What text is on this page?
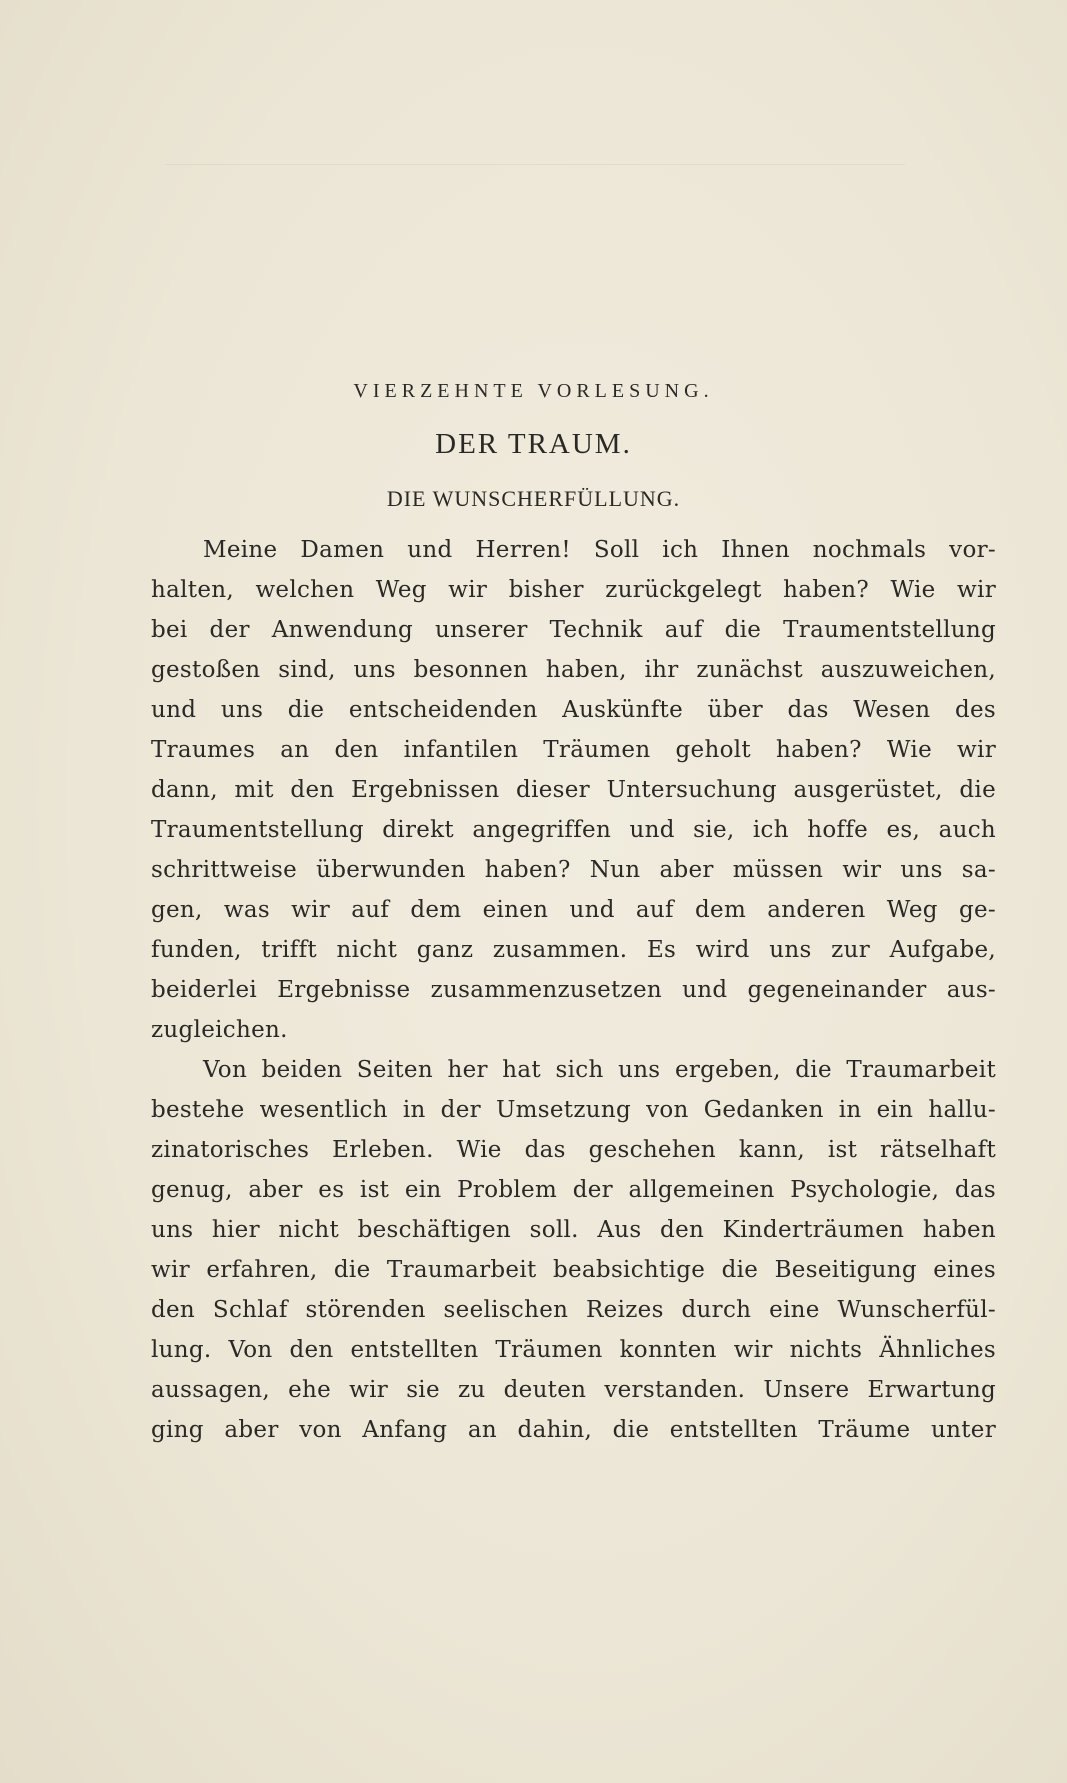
VIERZEHNTE VORLESUNG.
DER TRAUM.
DIE WUNSCHERFÜLLUNG.
Meine Damen und Herren! Soll ich Ihnen nochmals vor-
halten, welchen Weg wir bisher zurückgelegt haben? Wie wir
bei der Anwendung unserer Technik auf die Traumentstellung
gestoßen sind, uns besonnen haben, ihr zunächst auszuweichen,
und uns die entscheidenden Auskünfte über das Wesen des
Traumes an den infantilen Träumen geholt haben? Wie wir
dann, mit den Ergebnissen dieser Untersuchung ausgerüstet, die
Traumentstellung direkt angegriffen und sie, ich hoffe es, auch
schrittweise überwunden haben? Nun aber müssen wir uns sa-
gen, was wir auf dem einen und auf dem anderen Weg ge-
funden, trifft nicht ganz zusammen. Es wird uns zur Aufgabe,
beiderlei Ergebnisse zusammenzusetzen und gegeneinander aus-
zugleichen.
Von beiden Seiten her hat sich uns ergeben, die Traumarbeit
bestehe wesentlich in der Umsetzung von Gedanken in ein hallu-
zinatorisches Erleben. Wie das geschehen kann, ist rätselhaft
genug, aber es ist ein Problem der allgemeinen Psychologie, das
uns hier nicht beschäftigen soll. Aus den Kinderträumen haben
wir erfahren, die Traumarbeit beabsichtige die Beseitigung eines
den Schlaf störenden seelischen Reizes durch eine Wunscherfül-
lung. Von den entstellten Träumen konnten wir nichts Ähnliches
aussagen, ehe wir sie zu deuten verstanden. Unsere Erwartung
ging aber von Anfang an dahin, die entstellten Träume unter
